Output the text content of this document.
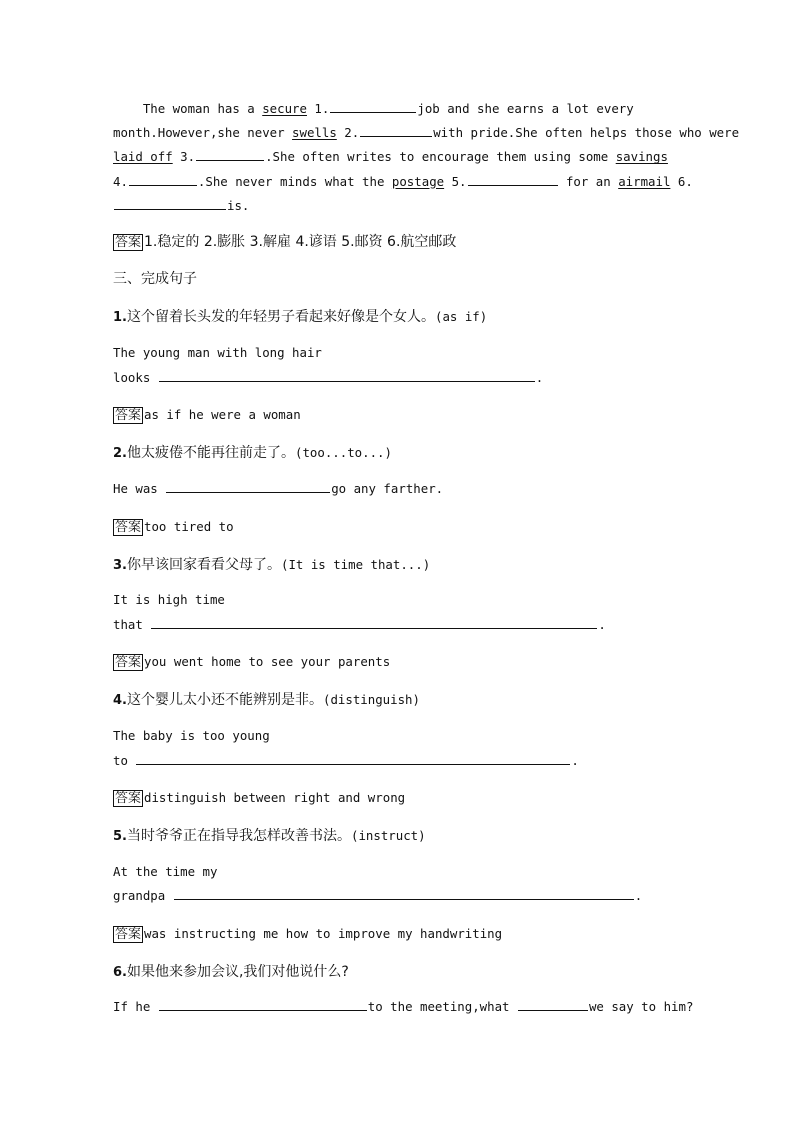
The woman has a secure 1.	job and she earns a lot every
month.However,she never swells 2.	with pride.She often helps those who were
laid off 3.	.She often writes to encourage them using some savings
4.	.She never minds what the postage 5.	for an airmail 6.
is.
答案 1.稳定的 2.膨胀 3.解雇 4.谚语 5.邮资 6.航空邮政
三、完成句子
1.这个留着长头发的年轻男子看起来好像是个女人。(as if)
The young man with long hair
looks	.
答案 as if he were a woman
2.他太疲倦不能再往前走了。(too...to...)
He was	go any farther.
答案 too tired to
3.你早该回家看看父母了。(It is time that...)
It is high time
that	.
答案 you went home to see your parents
4.这个婴儿太小还不能辨别是非。(distinguish)
The baby is too young
to	.
答案 distinguish between right and wrong
5.当时爷爷正在指导我怎样改善书法。(instruct)
At the time my
grandpa	.
答案 was instructing me how to improve my handwriting
6.如果他来参加会议,我们对他说什么?
If he	to the meeting,what	we say to him?
